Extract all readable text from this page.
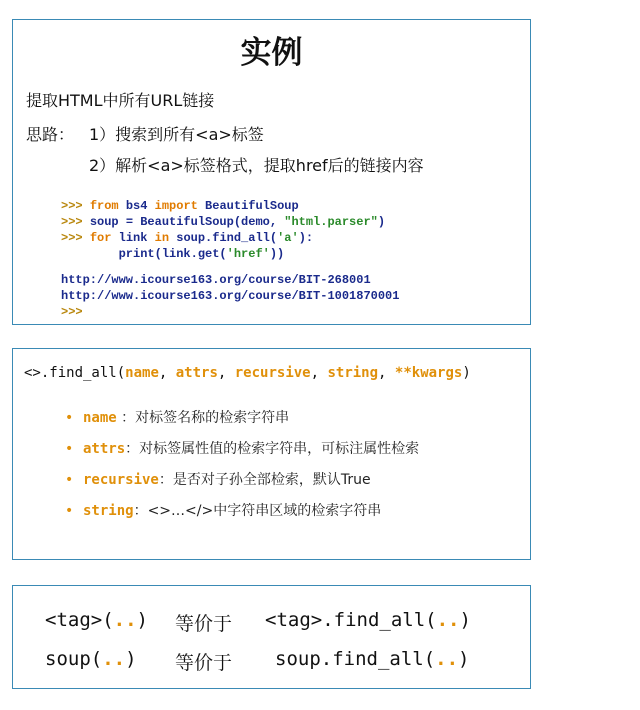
实例
提取HTML中所有URL链接
思路： 1）搜索到所有<a>标签
2）解析<a>标签格式，提取href后的链接内容
>>> from bs4 import BeautifulSoup
>>> soup = BeautifulSoup(demo, "html.parser")
>>> for link in soup.find_all('a'):
print(link.get('href'))
http://www.icourse163.org/course/BIT-268001
http://www.icourse163.org/course/BIT-1001870001
>>>
<>.find_all(name, attrs, recursive, string, **kwargs)
• name ：对标签名称的检索字符串
• attrs：对标签属性值的检索字符串，可标注属性检索
• recursive：是否对子孙全部检索，默认True
• string：<>…</>中字符串区域的检索字符串
<tag>(..) 等价于 <tag>.find_all(..)
soup(..) 等价于 soup.find_all(..)
